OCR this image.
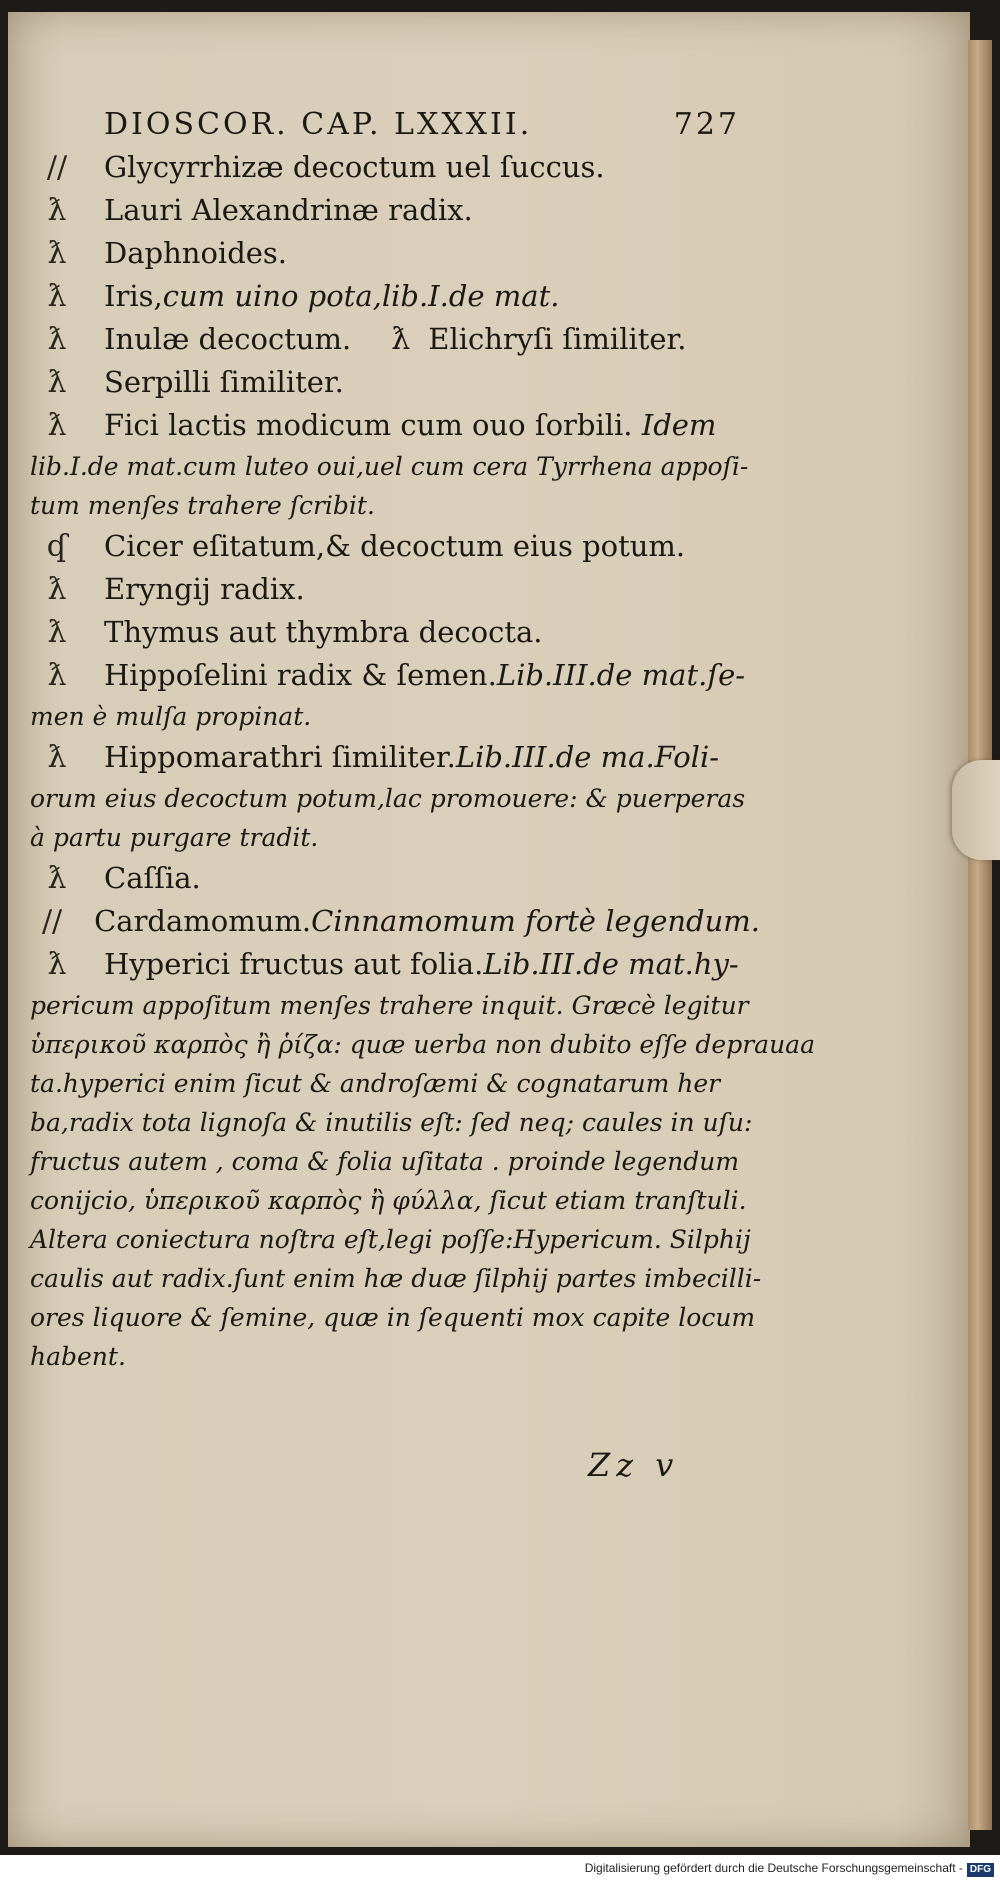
DIOSCOR. CAP. LXXXII.	727
//	Glycyrrhizæ decoctum uel ſuccus.
ƛ	Lauri Alexandrinæ radix.
ƛ	Daphnoides.
ƛ	Iris,cum uino pota,lib.I.de mat.
ƛ	Inulæ decoctum. ƛ Elichryſi ſimiliter.
ƛ	Serpilli ſimiliter.
ƛ	Fici lactis modicum cum ouo ſorbili. Idem
lib.I.de mat.cum luteo oui,uel cum cera Tyrrhena appoſi-
tum menſes trahere ſcribit.
ʠ	Cicer eſitatum,& decoctum eius potum.
ƛ	Eryngij radix.
ƛ	Thymus aut thymbra decocta.
ƛ	Hippoſelini radix & ſemen.Lib.III.de mat.ſe-
men è mulſa propinat.
ƛ	Hippomarathri ſimiliter.Lib.III.de ma.Foli-
orum eius decoctum potum,lac promouere: & puerperas
à partu purgare tradit.
ƛ	Caſſia.
//	Cardamomum.Cinnamomum fortè legendum.
ƛ	Hyperici fructus aut folia.Lib.III.de mat.hy-
pericum appoſitum menſes trahere inquit. Græcè legitur
ὑπερικοῦ καρπὸς ἢ ῥίζα: quæ uerba non dubito eſſe deprauaa
ta.hyperici enim ſicut & androſæmi & cognatarum her
ba,radix tota lignoſa & inutilis eſt: ſed neq; caules in uſu:
fructus autem , coma & folia uſitata . proinde legendum
conijcio, ὑπερικοῦ καρπὸς ἢ φύλλα, ſicut etiam tranſtuli.
Altera coniectura noſtra eſt,legi poſſe:Hypericum. Silphij
caulis aut radix.ſunt enim hæ duæ ſilphij partes imbecilli-
ores liquore & ſemine, quæ in ſequenti mox capite locum
habent.
Zz v
Digitalisierung gefördert durch die Deutsche Forschungsgemeinschaft - DFG
